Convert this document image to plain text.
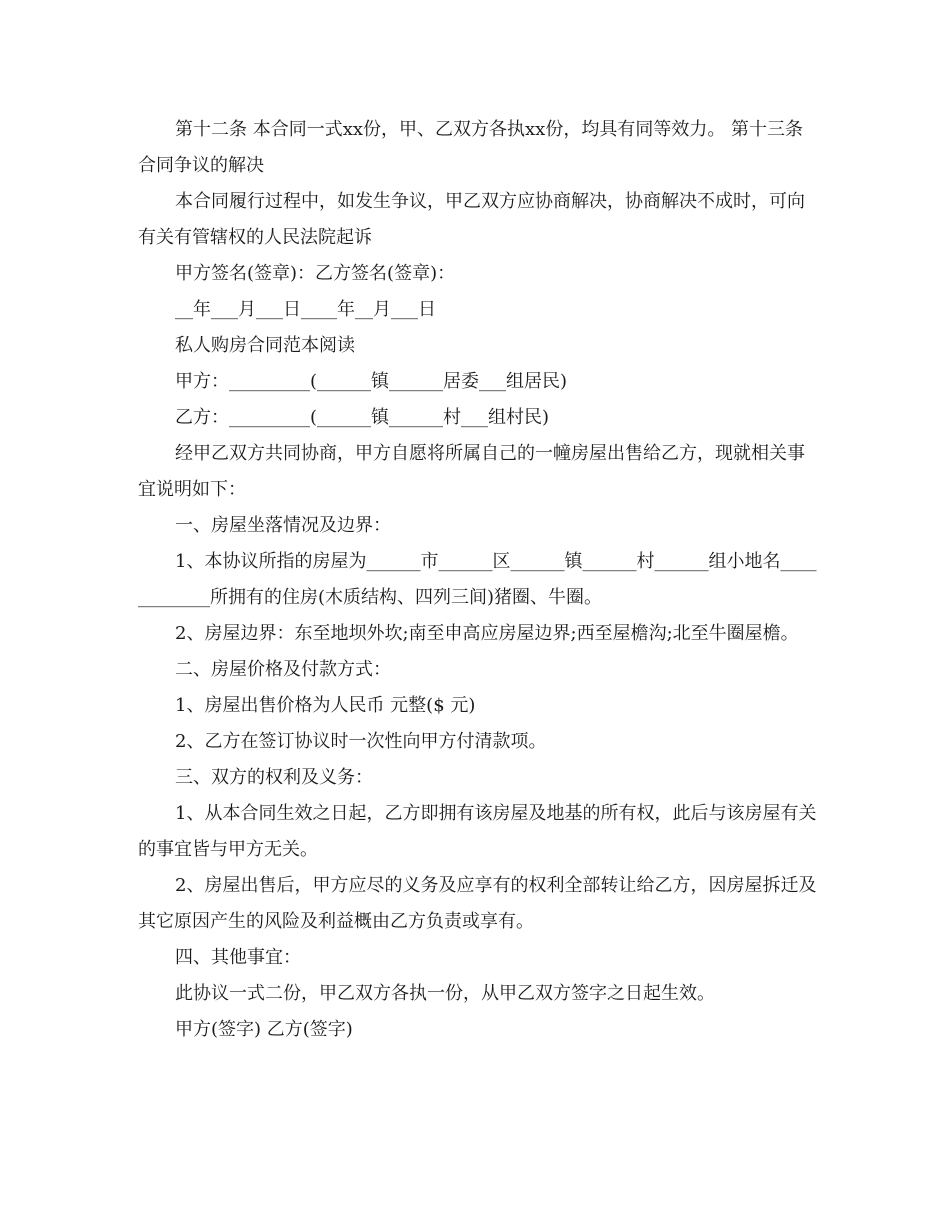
第十二条 本合同一式xx份，甲、乙双方各执xx份，均具有同等效力。 第十三条 合同争议的解决

本合同履行过程中，如发生争议，甲乙双方应协商解决，协商解决不成时，可向有关有管辖权的人民法院起诉

甲方签名(签章)：乙方签名(签章)：

__年___月___日____年__月___日

私人购房合同范本阅读

甲方：_________(______镇______居委___组居民)

乙方：_________(______镇______村___组村民)

经甲乙双方共同协商，甲方自愿将所属自己的一幢房屋出售给乙方，现就相关事宜说明如下：

一、房屋坐落情况及边界：

1、本协议所指的房屋为______市______区______镇______村______组小地名____________所拥有的住房(木质结构、四列三间)猪圈、牛圈。

2、房屋边界：东至地坝外坎;南至申高应房屋边界;西至屋檐沟;北至牛圈屋檐。

二、房屋价格及付款方式：

1、房屋出售价格为人民币 元整($ 元)

2、乙方在签订协议时一次性向甲方付清款项。

三、双方的权利及义务：

1、从本合同生效之日起，乙方即拥有该房屋及地基的所有权，此后与该房屋有关的事宜皆与甲方无关。

2、房屋出售后，甲方应尽的义务及应享有的权利全部转让给乙方，因房屋拆迁及其它原因产生的风险及利益概由乙方负责或享有。

四、其他事宜：

此协议一式二份，甲乙双方各执一份，从甲乙双方签字之日起生效。

甲方(签字) 乙方(签字)
